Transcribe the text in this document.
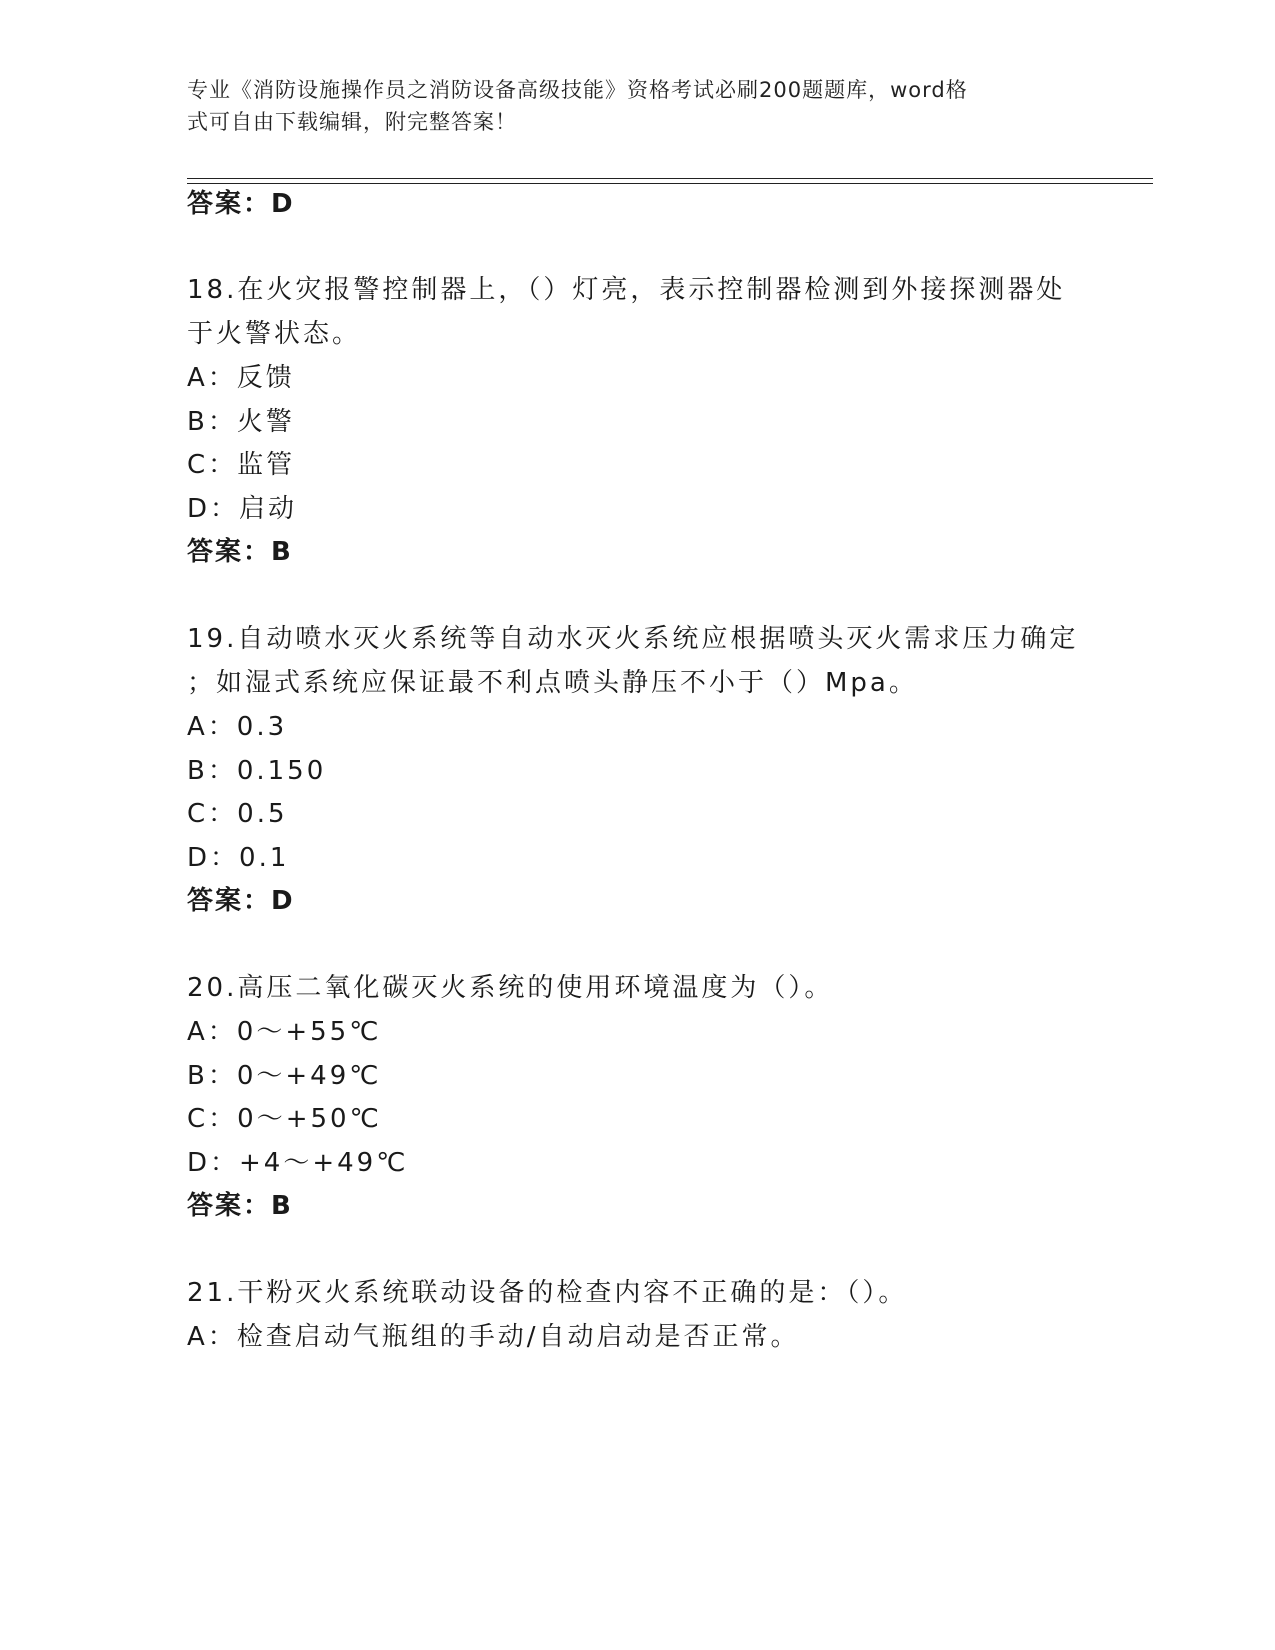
专业《消防设施操作员之消防设备高级技能》资格考试必刷200题题库，word格
式可自由下载编辑，附完整答案！
答案：D
18.在火灾报警控制器上，（）灯亮，表示控制器检测到外接探测器处
于火警状态。
A：反馈
B：火警
C：监管
D：启动
答案：B
19.自动喷水灭火系统等自动水灭火系统应根据喷头灭火需求压力确定
；如湿式系统应保证最不利点喷头静压不小于（）Mpa。
A：0.3
B：0.150
C：0.5
D：0.1
答案：D
20.高压二氧化碳灭火系统的使用环境温度为（）。
A：0～+55℃
B：0～+49℃
C：0～+50℃
D：+4～+49℃
答案：B
21.干粉灭火系统联动设备的检查内容不正确的是：（）。
A：检查启动气瓶组的手动/自动启动是否正常。
